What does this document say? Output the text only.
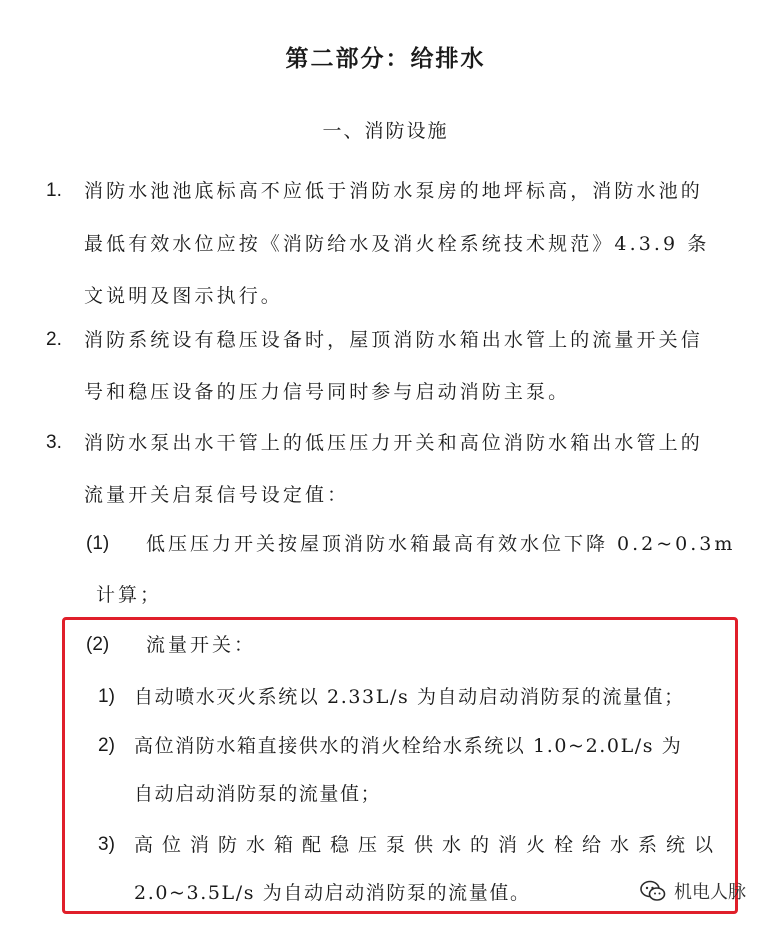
第二部分：给排水
一、消防设施
1. 消防水池池底标高不应低于消防水泵房的地坪标高，消防水池的
最低有效水位应按《消防给水及消火栓系统技术规范》4.3.9 条
文说明及图示执行。
2. 消防系统设有稳压设备时，屋顶消防水箱出水管上的流量开关信
号和稳压设备的压力信号同时参与启动消防主泵。
3. 消防水泵出水干管上的低压压力开关和高位消防水箱出水管上的
流量开关启泵信号设定值：
(1) 低压压力开关按屋顶消防水箱最高有效水位下降 0.2~0.3m
计算；
(2) 流量开关：
1) 自动喷水灭火系统以 2.33L/s 为自动启动消防泵的流量值；
2) 高位消防水箱直接供水的消火栓给水系统以 1.0~2.0L/s 为
自动启动消防泵的流量值；
3) 高位消防水箱配稳压泵供水的消火栓给水系统以
2.0~3.5L/s 为自动启动消防泵的流量值。	机电人脉
